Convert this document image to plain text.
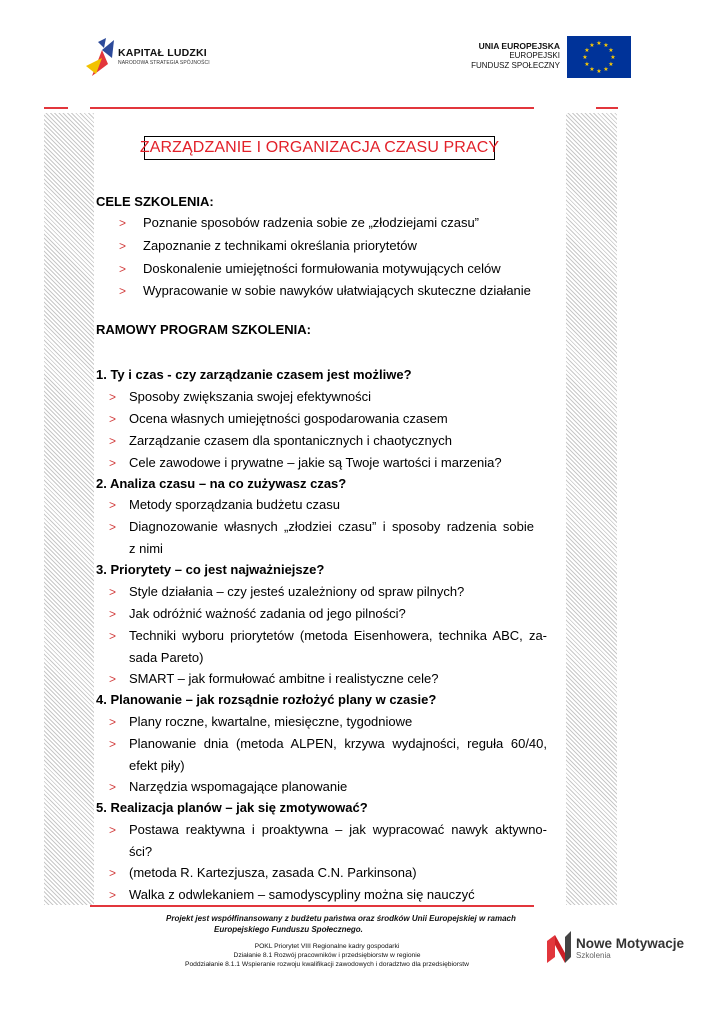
KAPITAŁ LUDZKI
NARODOWA STRATEGIA SPÓJNOŚCI
UNIA EUROPEJSKA
EUROPEJSKI
FUNDUSZ SPOŁECZNY
★ ★
★
★
★
★
★
★
★
★
★
★
ZARZĄDZANIE I ORGANIZACJA CZASU PRACY
CELE SZKOLENIA:
> Poznanie sposobów radzenia sobie ze „złodziejami czasu”
> Zapoznanie z technikami określania priorytetów
> Doskonalenie umiejętności formułowania motywujących celów
> Wypracowanie w sobie nawyków ułatwiających skuteczne działanie
RAMOWY PROGRAM SZKOLENIA:
1. Ty i czas - czy zarządzanie czasem jest możliwe?
> Sposoby zwiększania swojej efektywności
> Ocena własnych umiejętności gospodarowania czasem
> Zarządzanie czasem dla spontanicznych i chaotycznych
> Cele zawodowe i prywatne – jakie są Twoje wartości i marzenia?
2. Analiza czasu – na co zużywasz czas?
> Metody sporządzania budżetu czasu
> Diagnozowanie własnych „złodziei czasu” i sposoby radzenia sobie
z nimi
3. Priorytety – co jest najważniejsze?
> Style działania – czy jesteś uzależniony od spraw pilnych?
> Jak odróżnić ważność zadania od jego pilności?
> Techniki wyboru priorytetów (metoda Eisenhowera, technika ABC, za-
sada Pareto)
> SMART – jak formułować ambitne i realistyczne cele?
4. Planowanie – jak rozsądnie rozłożyć plany w czasie?
> Plany roczne, kwartalne, miesięczne, tygodniowe
> Planowanie dnia (metoda ALPEN, krzywa wydajności, reguła 60/40,
efekt piły)
> Narzędzia wspomagające planowanie
5. Realizacja planów – jak się zmotywować?
> Postawa reaktywna i proaktywna – jak wypracować nawyk aktywno-
ści?
> (metoda R. Kartezjusza, zasada C.N. Parkinsona)
> Walka z odwlekaniem – samodyscypliny można się nauczyć
Projekt jest współfinansowany z budżetu państwa oraz środków Unii Europejskiej w ramach
Europejskiego Funduszu Społecznego.
POKL Priorytet VIII Regionalne kadry gospodarki
Działanie 8.1 Rozwój pracowników i przedsiębiorstw w regionie
Poddziałanie 8.1.1 Wspieranie rozwoju kwalifikacji zawodowych i doradztwo dla przedsiębiorstw
Nowe Motywacje
Szkolenia
